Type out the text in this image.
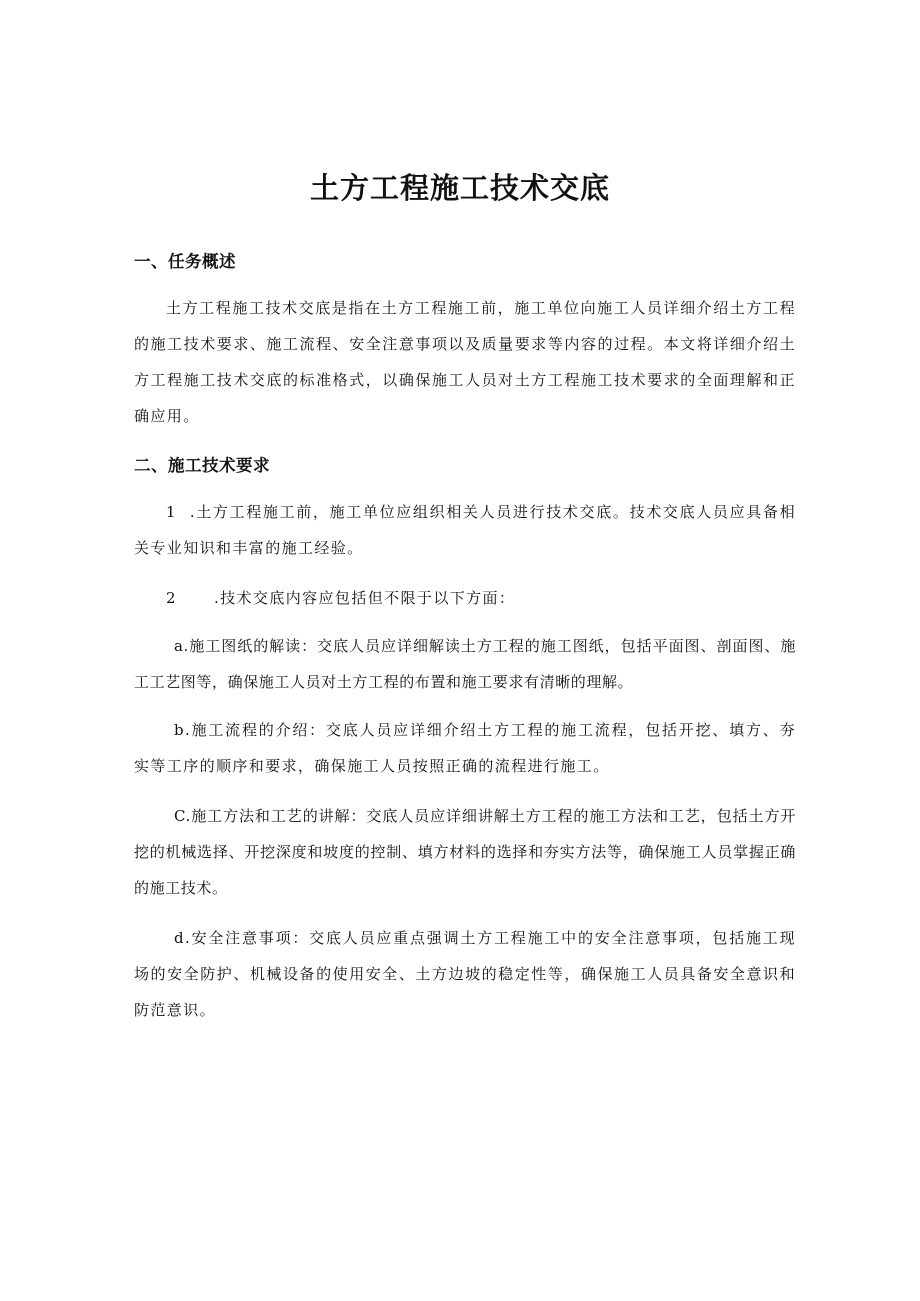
土方工程施工技术交底
一、任务概述
土方工程施工技术交底是指在土方工程施工前，施工单位向施工人员详细介绍土方工程的施工技术要求、施工流程、安全注意事项以及质量要求等内容的过程。本文将详细介绍土方工程施工技术交底的标准格式，以确保施工人员对土方工程施工技术要求的全面理解和正确应用。
二、施工技术要求
1  .土方工程施工前，施工单位应组织相关人员进行技术交底。技术交底人员应具备相关专业知识和丰富的施工经验。
2      .技术交底内容应包括但不限于以下方面：
a.施工图纸的解读：交底人员应详细解读土方工程的施工图纸，包括平面图、剖面图、施工工艺图等，确保施工人员对土方工程的布置和施工要求有清晰的理解。
b.施工流程的介绍：交底人员应详细介绍土方工程的施工流程，包括开挖、填方、夯实等工序的顺序和要求，确保施工人员按照正确的流程进行施工。
C.施工方法和工艺的讲解：交底人员应详细讲解土方工程的施工方法和工艺，包括土方开挖的机械选择、开挖深度和坡度的控制、填方材料的选择和夯实方法等，确保施工人员掌握正确的施工技术。
d.安全注意事项：交底人员应重点强调土方工程施工中的安全注意事项，包括施工现场的安全防护、机械设备的使用安全、土方边坡的稳定性等，确保施工人员具备安全意识和防范意识。
